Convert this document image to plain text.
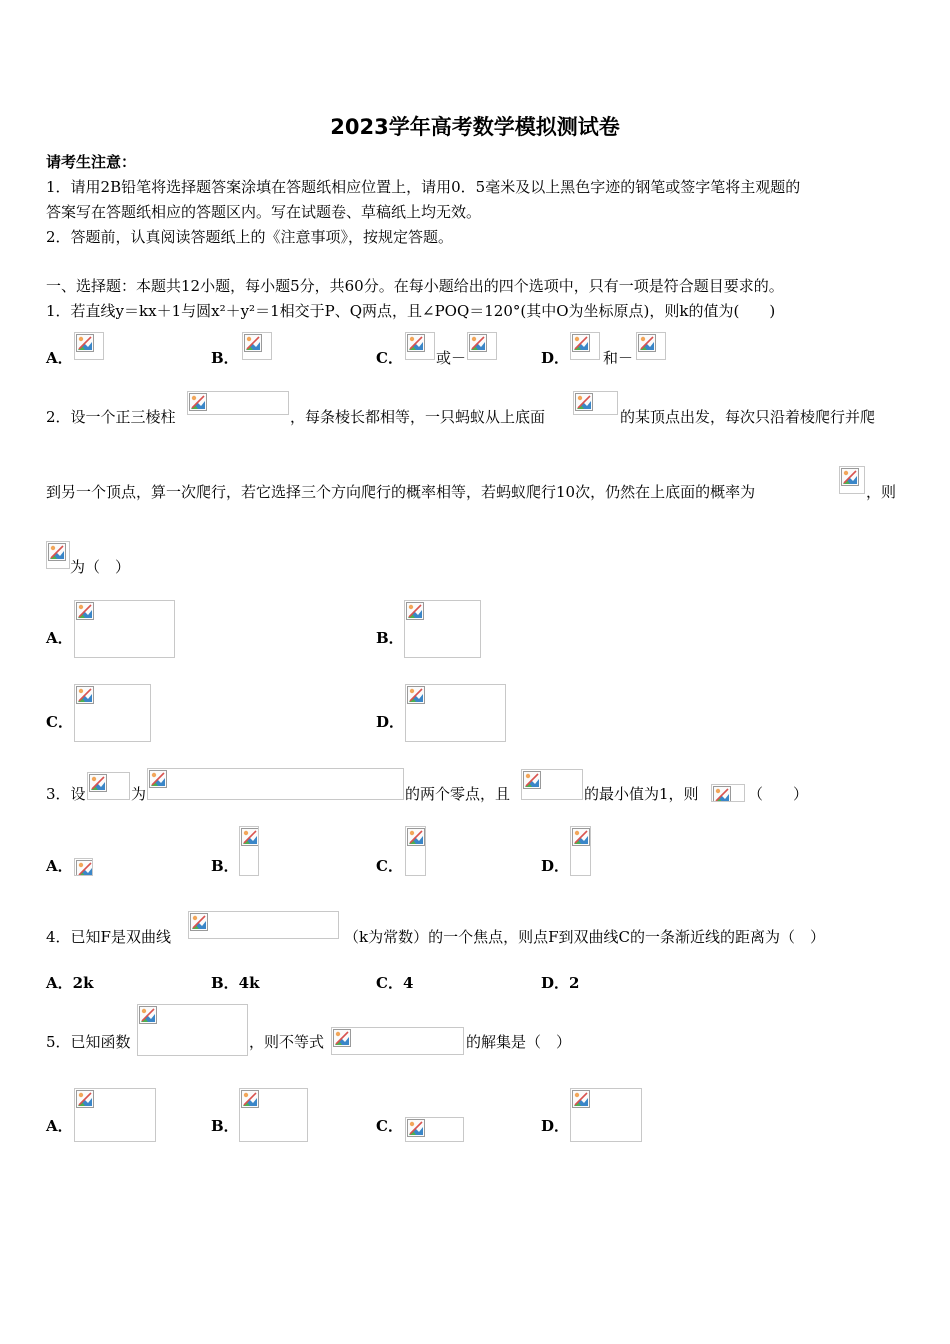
2023学年高考数学模拟测试卷
请考生注意：
1．请用2B铅笔将选择题答案涂填在答题纸相应位置上，请用0．5毫米及以上黑色字迹的钢笔或签字笔将主观题的
答案写在答题纸相应的答题区内。写在试题卷、草稿纸上均无效。
2．答题前，认真阅读答题纸上的《注意事项》，按规定答题。
一、选择题：本题共12小题，每小题5分，共60分。在每小题给出的四个选项中，只有一项是符合题目要求的。
1．若直线y＝kx＋1与圆x²＋y²＝1相交于P、Q两点，且∠POQ＝120°(其中O为坐标原点)，则k的值为(　　)
A．	B．	C． 或－	D． 和－
2．设一个正三棱柱	，每条棱长都相等，一只蚂蚁从上底面	的某顶点出发，每次只沿着棱爬行并爬
到另一个顶点，算一次爬行，若它选择三个方向爬行的概率相等，若蚂蚁爬行10次，仍然在上底面的概率为	，则
为（　）
A．	B．
C．	D．
3．设	为	的两个零点，且	的最小值为1，则	（　　）
A．	B．	C．	D．
4．已知F是双曲线	（k为常数）的一个焦点，则点F到双曲线C的一条渐近线的距离为（　）
A．2k	B．4k	C．4	D．2
5．已知函数	，则不等式	的解集是（　）
A．	B．	C．	D．
